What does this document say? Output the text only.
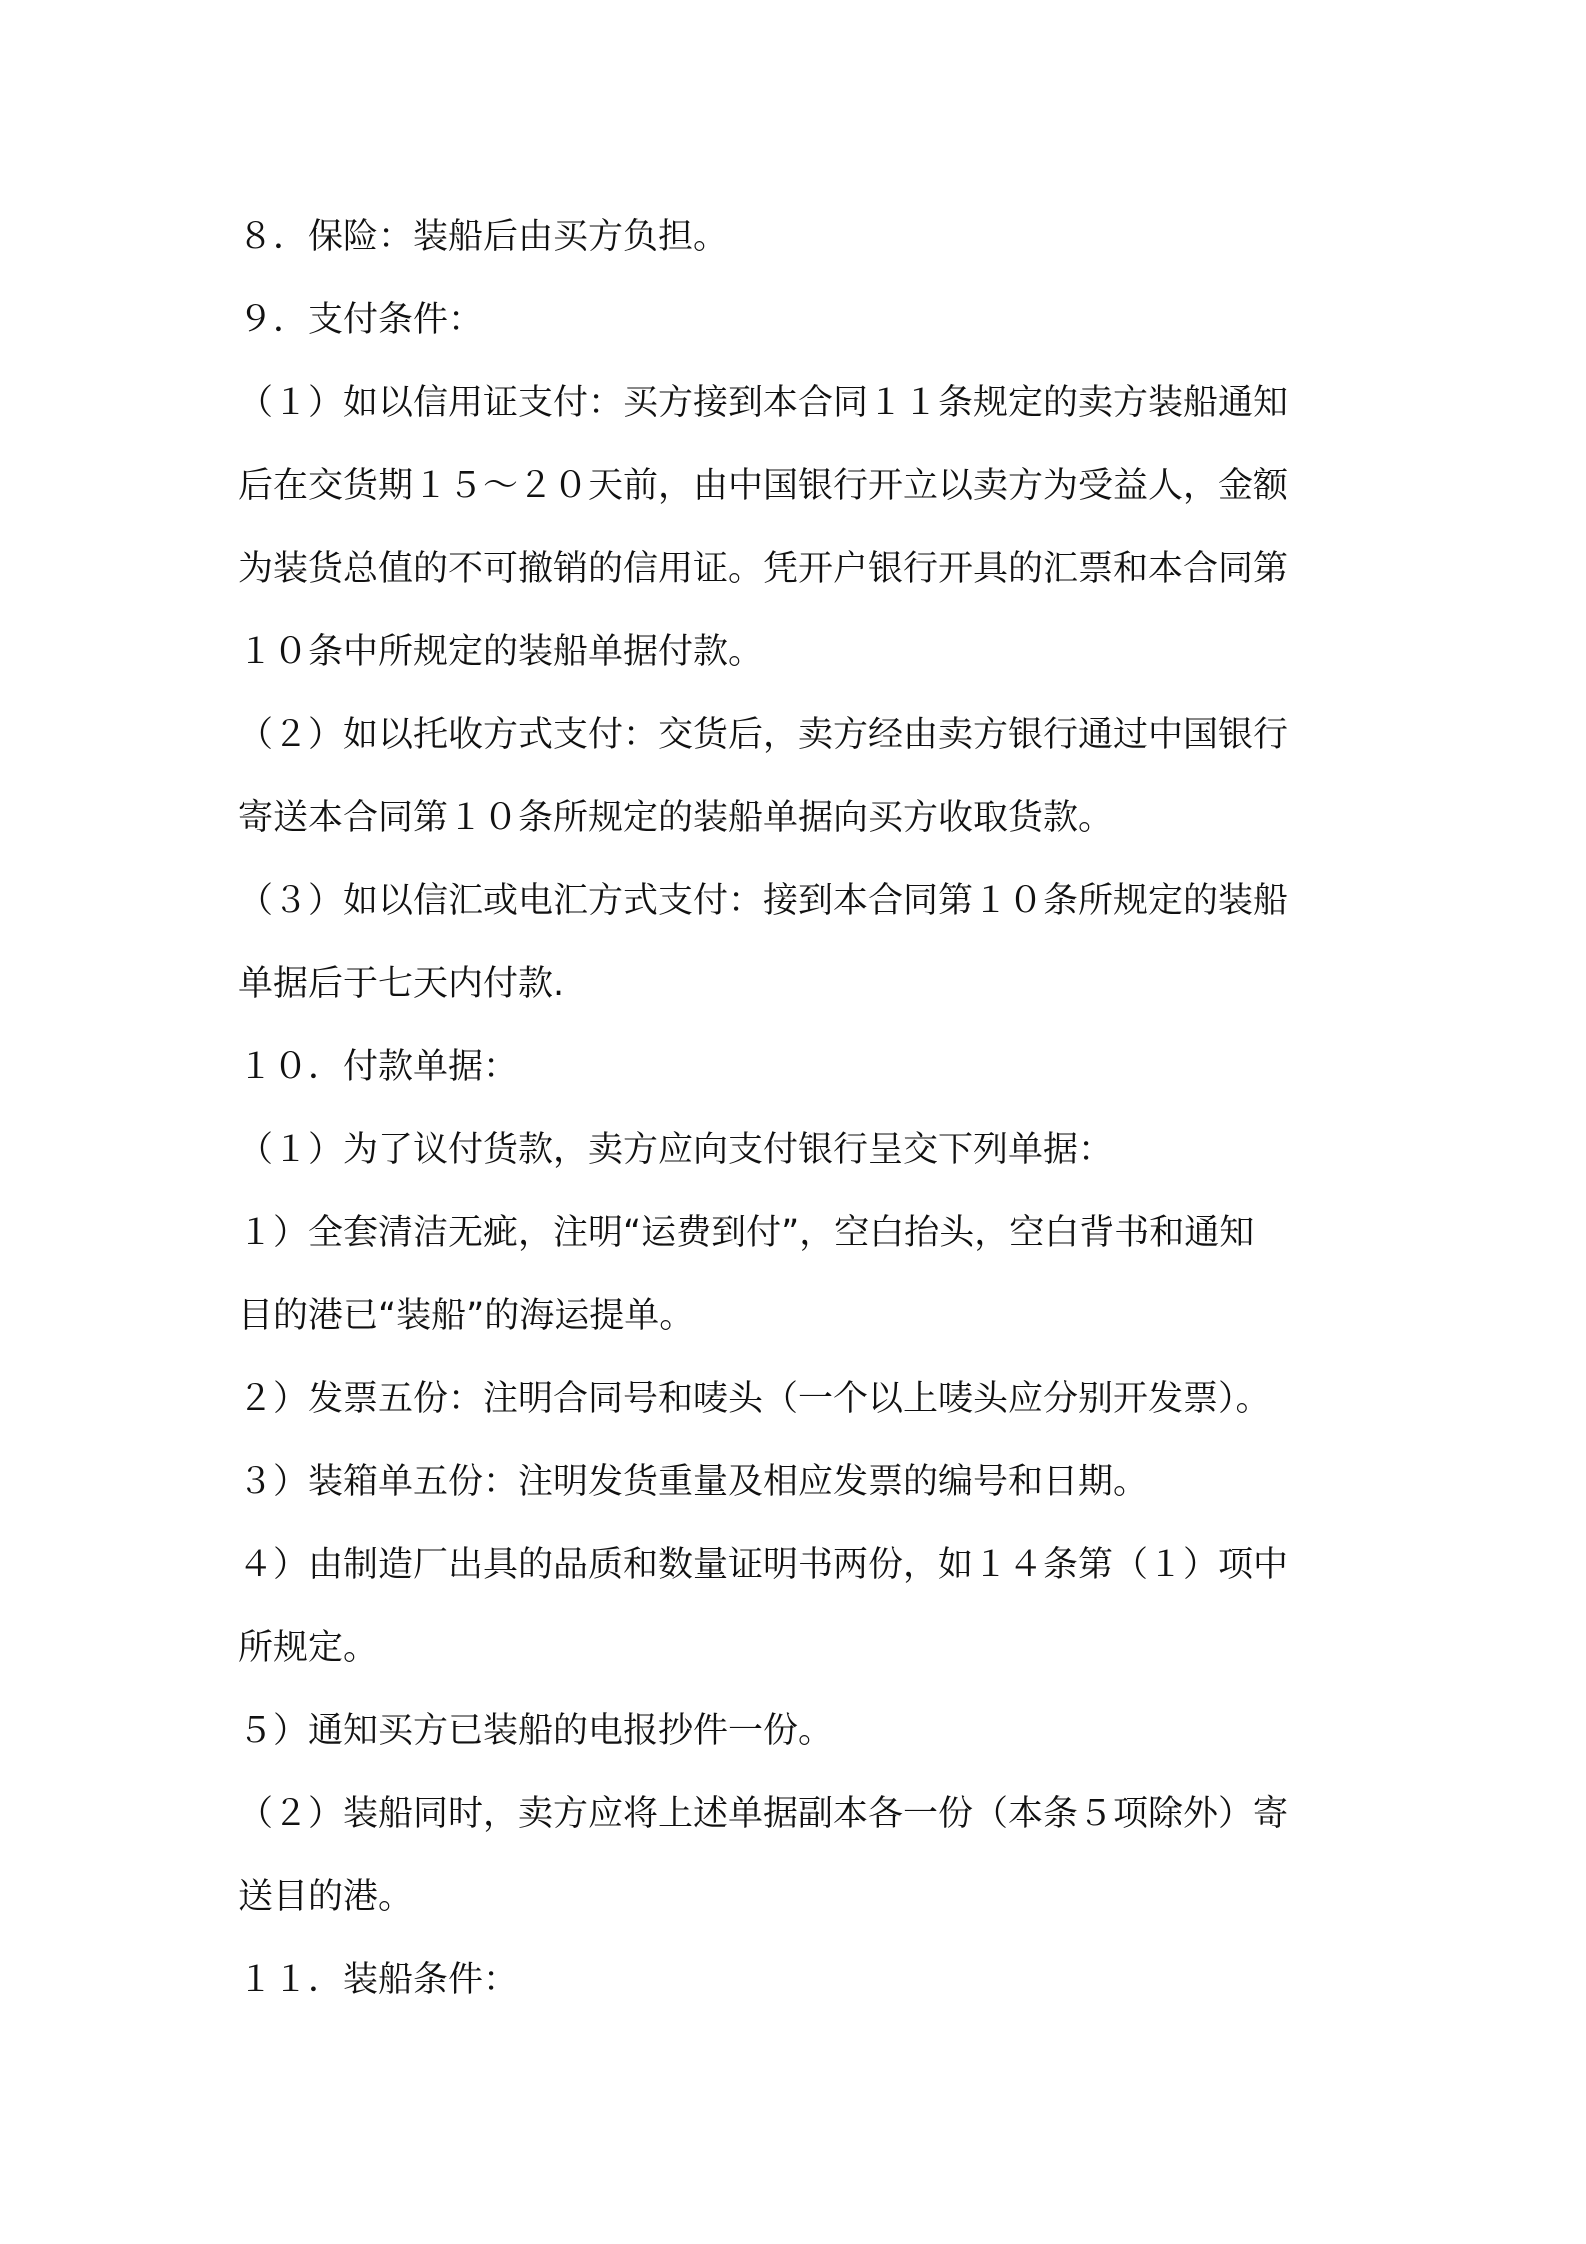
８．保险：装船后由买方负担。
９．支付条件：
（１）如以信用证支付：买方接到本合同１１条规定的卖方装船通知
后在交货期１５～２０天前，由中国银行开立以卖方为受益人，金额
为装货总值的不可撤销的信用证。凭开户银行开具的汇票和本合同第
１０条中所规定的装船单据付款。
（２）如以托收方式支付：交货后，卖方经由卖方银行通过中国银行
寄送本合同第１０条所规定的装船单据向买方收取货款。
（３）如以信汇或电汇方式支付：接到本合同第１０条所规定的装船
单据后于七天内付款.
１０．付款单据：
（１）为了议付货款，卖方应向支付银行呈交下列单据：
１）全套清洁无疵，注明“运费到付”，空白抬头，空白背书和通知
目的港已“装船”的海运提单。
２）发票五份：注明合同号和唛头（一个以上唛头应分别开发票）。
３）装箱单五份：注明发货重量及相应发票的编号和日期。
４）由制造厂出具的品质和数量证明书两份，如１４条第（１）项中
所规定。
５）通知买方已装船的电报抄件一份。
（２）装船同时，卖方应将上述单据副本各一份（本条５项除外）寄
送目的港。
１１．装船条件：
